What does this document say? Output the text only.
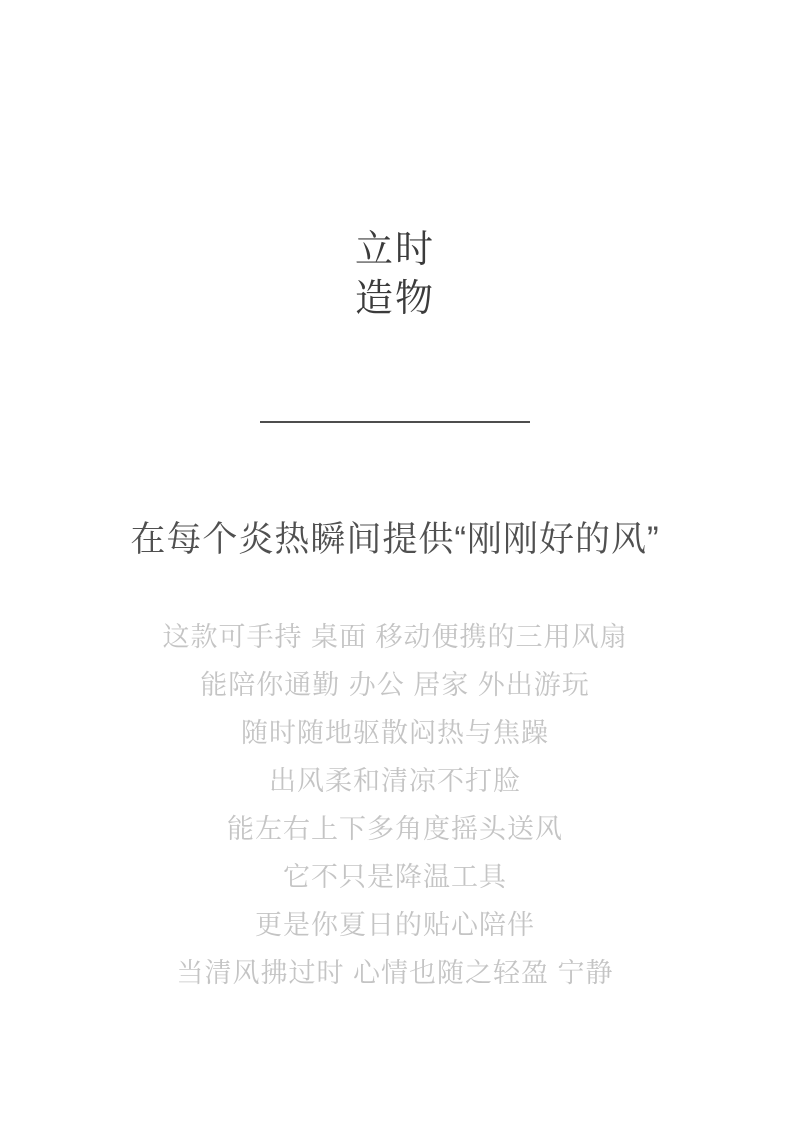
立时
造物
在每个炎热瞬间提供“刚刚好的风”
这款可手持 桌面 移动便携的三用风扇
能陪你通勤 办公 居家 外出游玩
随时随地驱散闷热与焦躁
出风柔和清凉不打脸
能左右上下多角度摇头送风
它不只是降温工具
更是你夏日的贴心陪伴
当清风拂过时 心情也随之轻盈 宁静
